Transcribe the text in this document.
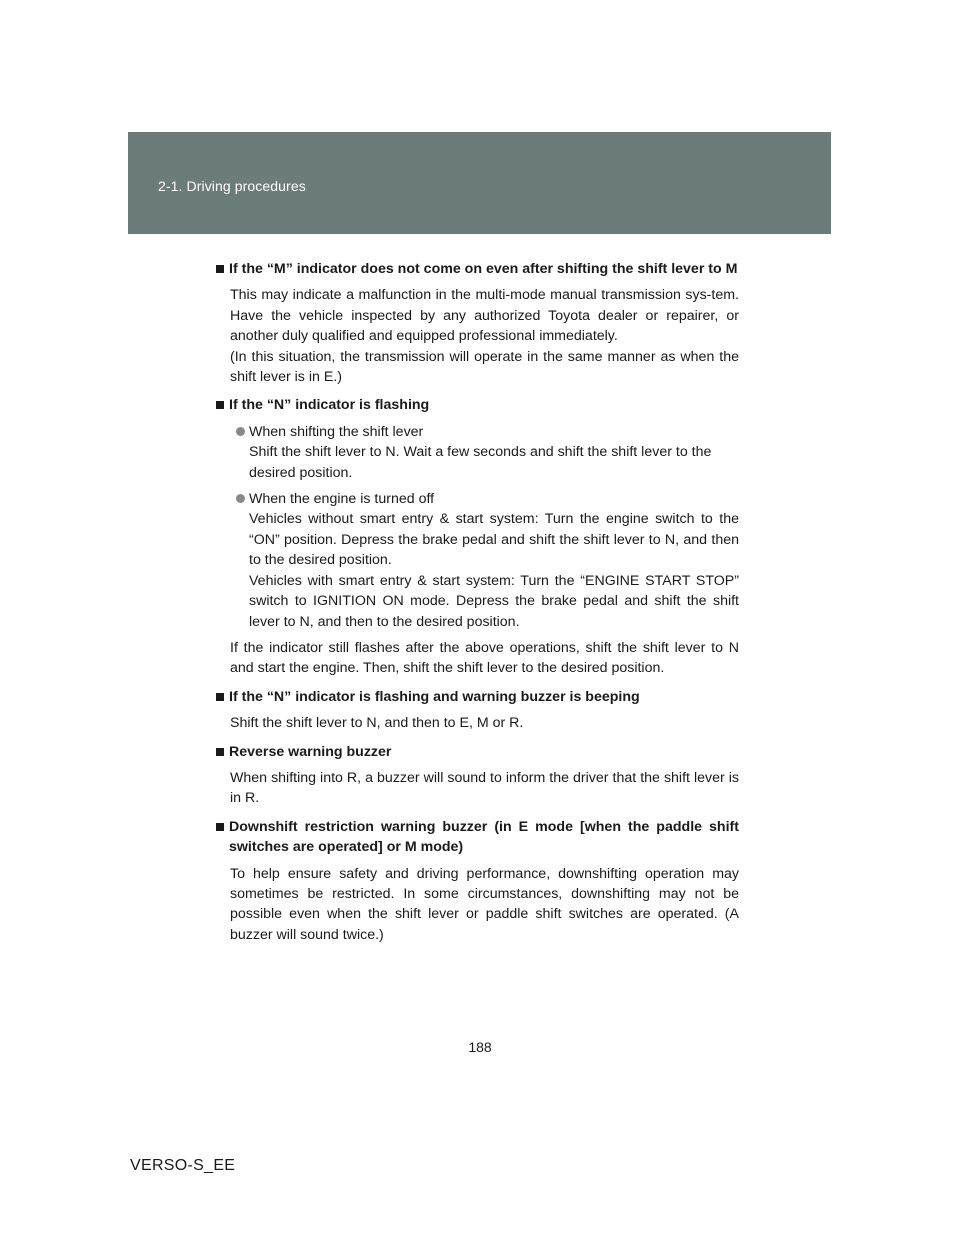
2-1. Driving procedures
If the “M” indicator does not come on even after shifting the shift lever to M
This may indicate a malfunction in the multi-mode manual transmission sys-tem. Have the vehicle inspected by any authorized Toyota dealer or repairer, or another duly qualified and equipped professional immediately.
(In this situation, the transmission will operate in the same manner as when the shift lever is in E.)
If the “N” indicator is flashing
When shifting the shift lever
Shift the shift lever to N. Wait a few seconds and shift the shift lever to the desired position.
When the engine is turned off
Vehicles without smart entry & start system: Turn the engine switch to the “ON” position. Depress the brake pedal and shift the shift lever to N, and then to the desired position.
Vehicles with smart entry & start system: Turn the “ENGINE START STOP” switch to IGNITION ON mode. Depress the brake pedal and shift the shift lever to N, and then to the desired position.
If the indicator still flashes after the above operations, shift the shift lever to N and start the engine. Then, shift the shift lever to the desired position.
If the “N” indicator is flashing and warning buzzer is beeping
Shift the shift lever to N, and then to E, M or R.
Reverse warning buzzer
When shifting into R, a buzzer will sound to inform the driver that the shift lever is in R.
Downshift restriction warning buzzer (in E mode [when the paddle shift switches are operated] or M mode)
To help ensure safety and driving performance, downshifting operation may sometimes be restricted. In some circumstances, downshifting may not be possible even when the shift lever or paddle shift switches are operated. (A buzzer will sound twice.)
188
VERSO-S_EE
